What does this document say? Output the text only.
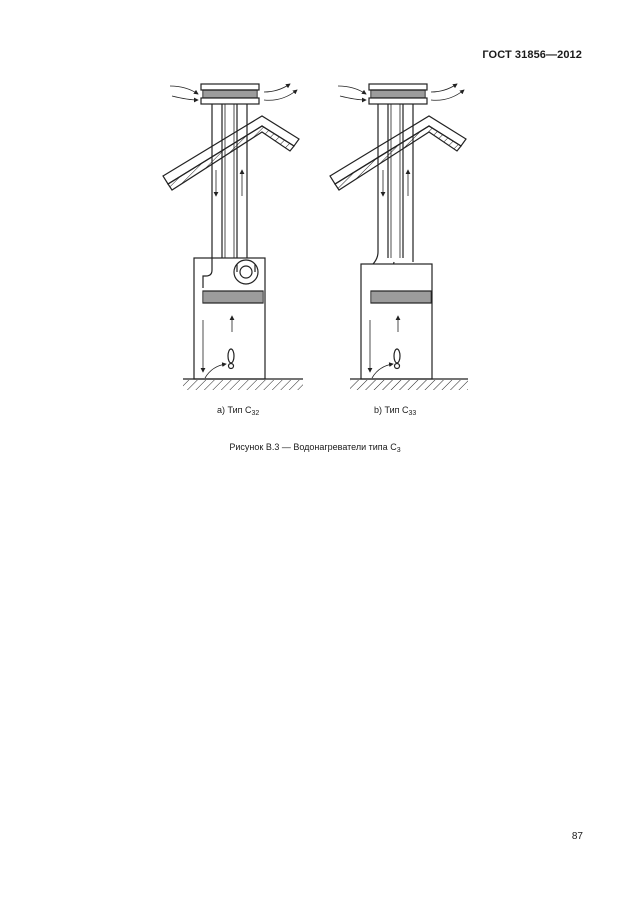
ГОСТ 31856—2012
a) Тип $C_{32}$	b) Тип $C_{33}$
Рисунок B.3 — Водонагреватели типа $C_3$
87
